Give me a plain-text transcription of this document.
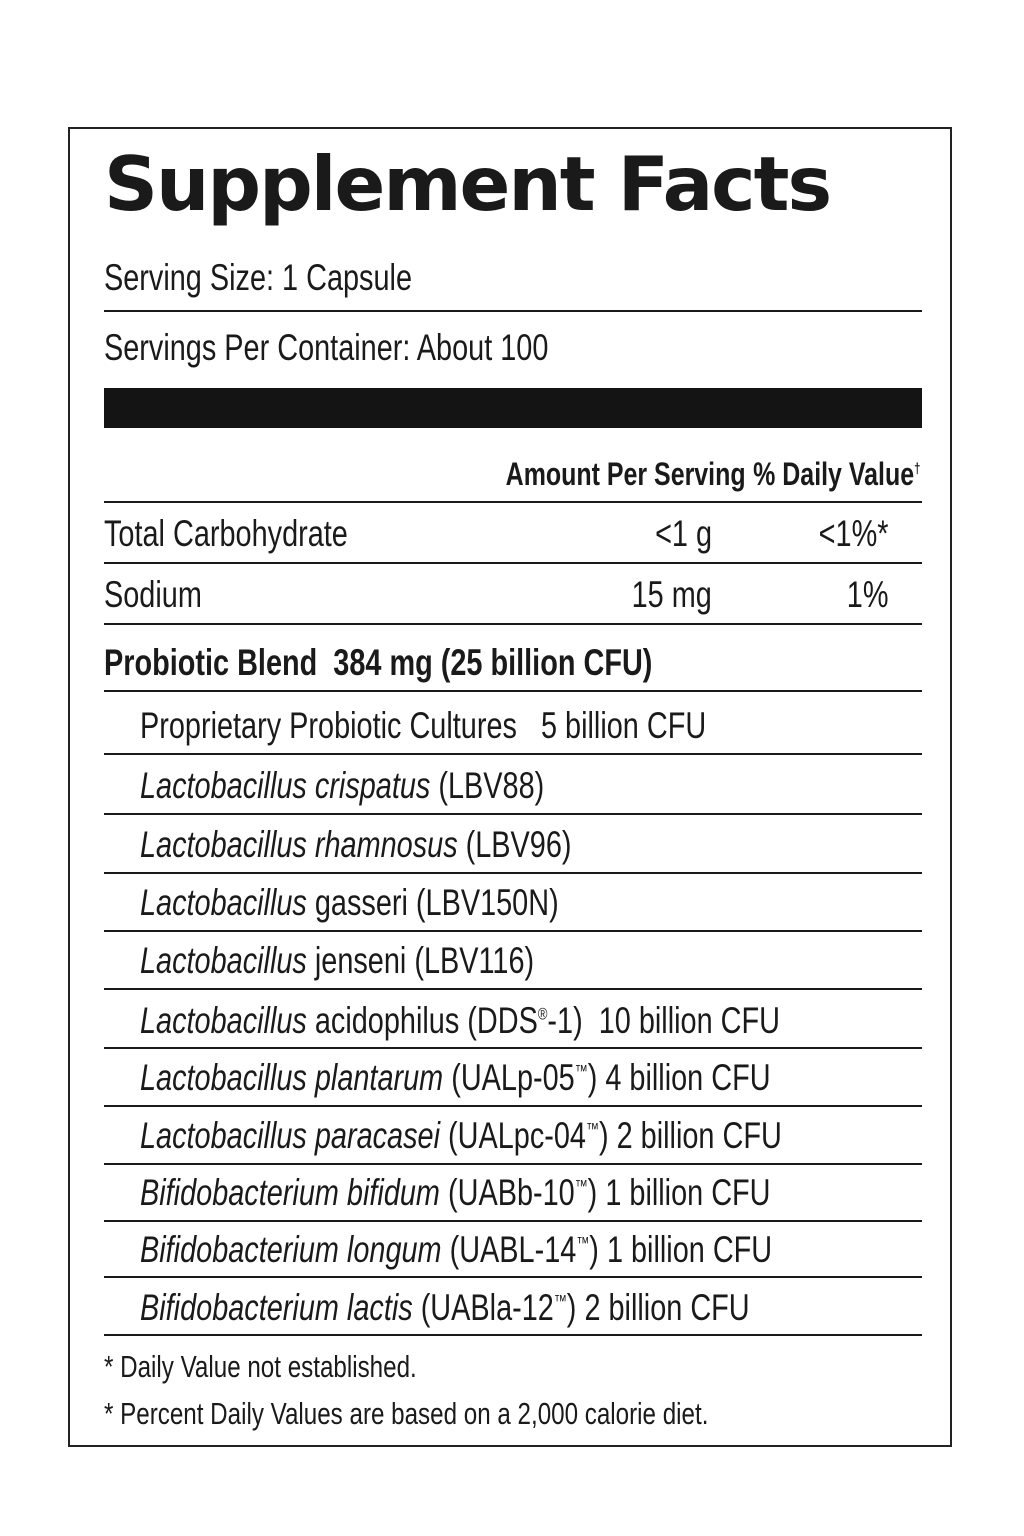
Supplement Facts
Serving Size: 1 Capsule
Servings Per Container: About 100
Amount Per Serving % Daily Value†
Total Carbohydrate	<1 g	<1%*
Sodium	15 mg	1%
Probiotic Blend 384 mg (25 billion CFU)
Proprietary Probiotic Cultures 5 billion CFU
Lactobacillus crispatus (LBV88)
Lactobacillus rhamnosus (LBV96)
Lactobacillus gasseri (LBV150N)
Lactobacillus jenseni (LBV116)
Lactobacillus acidophilus (DDS®-1) 10 billion CFU
Lactobacillus plantarum (UALp-05™) 4 billion CFU
Lactobacillus paracasei (UALpc-04™) 2 billion CFU
Bifidobacterium bifidum (UABb-10™) 1 billion CFU
Bifidobacterium longum (UABL-14™) 1 billion CFU
Bifidobacterium lactis (UABla-12™) 2 billion CFU
* Daily Value not established.
* Percent Daily Values are based on a 2,000 calorie diet.
